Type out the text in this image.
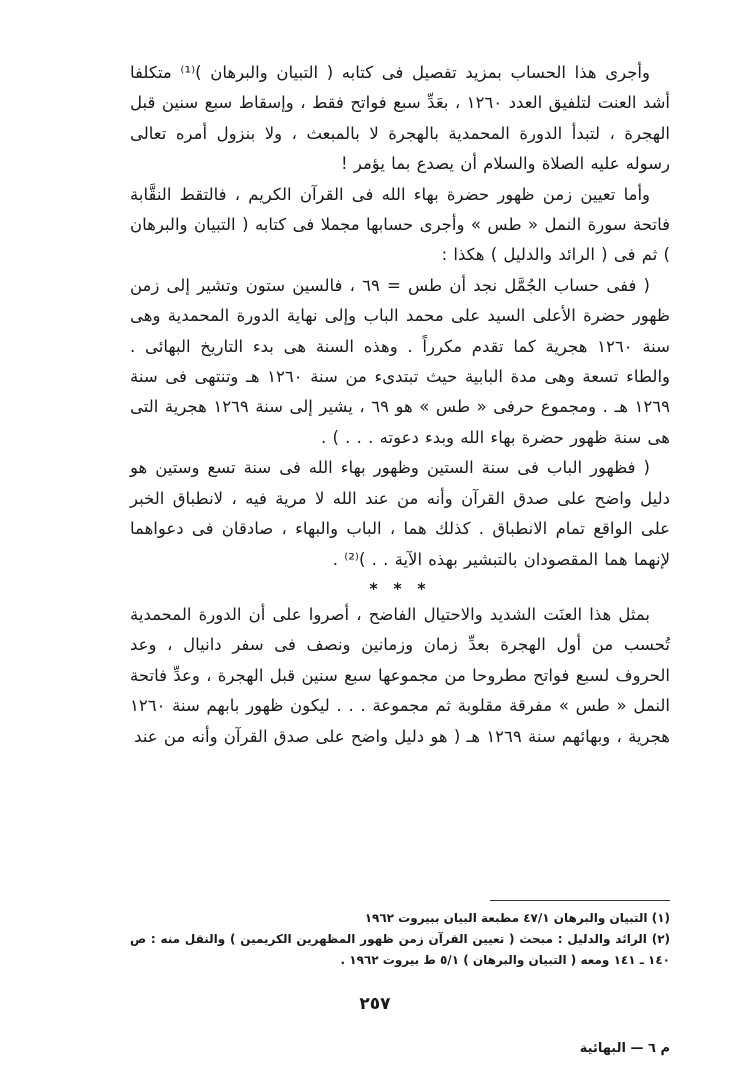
وأجرى هذا الحساب بمزيد تفصيل فى كتابه ( التبيان والبرهان )⁽¹⁾ متكلفا أشد العنت لتلفيق العدد ١٢٦٠ ، بعَدِّ سبع فواتح فقط ، وإسقاط سبع سنين قبل الهجرة ، لتبدأ الدورة المحمدية بالهجرة لا بالمبعث ، ولا بنزول أمره تعالى رسوله عليه الصلاة والسلام أن يصدع بما يؤمر !

وأما تعيين زمن ظهور حضرة بهاء الله فى القرآن الكريم ، فالتقط النقَّابة فاتحة سورة النمل « طس » وأجرى حسابها مجملا فى كتابه ( التبيان والبرهان ) ثم فى ( الرائد والدليل ) هكذا :

( ففى حساب الجُمَّل نجد أن طس = ٦٩ ، فالسين ستون وتشير إلى زمن ظهور حضرة الأعلى السيد على محمد الباب وإلى نهاية الدورة المحمدية وهى سنة ١٢٦٠ هجرية كما تقدم مكرراً . وهذه السنة هى بدء التاريخ البهائى . والطاء تسعة وهى مدة البابية حيث تبتدىء من سنة ١٢٦٠ هـ وتنتهى فى سنة ١٢٦٩ هـ . ومجموع حرفى « طس » هو ٦٩ ، يشير إلى سنة ١٢٦٩ هجرية التى هى سنة ظهور حضرة بهاء الله وبدء دعوته . . . ) .

( فظهور الباب فى سنة الستين وظهور بهاء الله فى سنة تسع وستين هو دليل واضح على صدق القرآن وأنه من عند الله لا مرية فيه ، لانطباق الخبر على الواقع تمام الانطباق . كذلك هما ، الباب والبهاء ، صادقان فى دعواهما لإنهما هما المقصودان بالتبشير بهذه الآية . . )⁽²⁾ .

* * *

بمثل هذا العنَت الشديد والاحتيال الفاضح ، أصروا على أن الدورة المحمدية تُحسب من أول الهجرة بعدِّ زمان وزمانين ونصف فى سفر دانيال ، وعد الحروف لسبع فواتح مطروحا من مجموعها سبع سنين قبل الهجرة ، وعدِّ فاتحة النمل « طس » مفرقة مقلوبة ثم مجموعة . . . ليكون ظهور بابهم سنة ١٢٦٠ هجرية ، وبهائهم سنة ١٢٦٩ هـ ( هو دليل واضح على صدق القرآن وأنه من عند

(١) التبيان والبرهان ٤٧/١ مطبعة البيان ببيروت ١٩٦٢

(٢) الرائد والدليل : مبحث ( تعيين القرآن زمن ظهور المظهرين الكريمين ) والنقل منه : ص ١٤٠ ـ ١٤١ ومعه ( التبيان والبرهان ) ٥/١ ط بيروت ١٩٦٢ .

٢٥٧
م ٦ — البهائية
